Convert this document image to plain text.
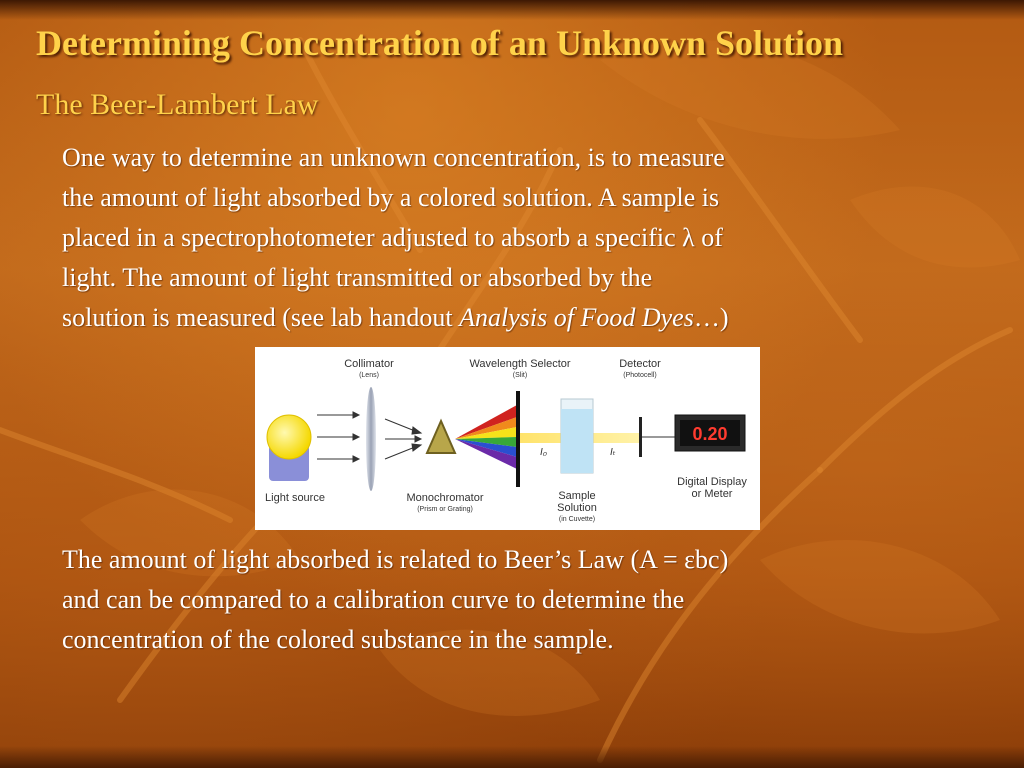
Determining Concentration of an Unknown Solution
The Beer-Lambert Law
One way to determine an unknown concentration, is to measure
the amount of light absorbed by a colored solution. A sample is
placed in a spectrophotometer adjusted to absorb a specific λ of
light. The amount of light transmitted or absorbed by the
solution is measured (see lab handout Analysis of Food Dyes…)
0.20
I₀	Iₜ
Collimator
(Lens)
Wavelength Selector
(Slit)
Detector
(Photocell)
Light source	Monochromator
(Prism or Grating)
Sample
Solution
(in Cuvette)
Digital Display
or Meter
The amount of light absorbed is related to Beer’s Law (A = εbc)
and can be compared to a calibration curve to determine the
concentration of the colored substance in the sample.
